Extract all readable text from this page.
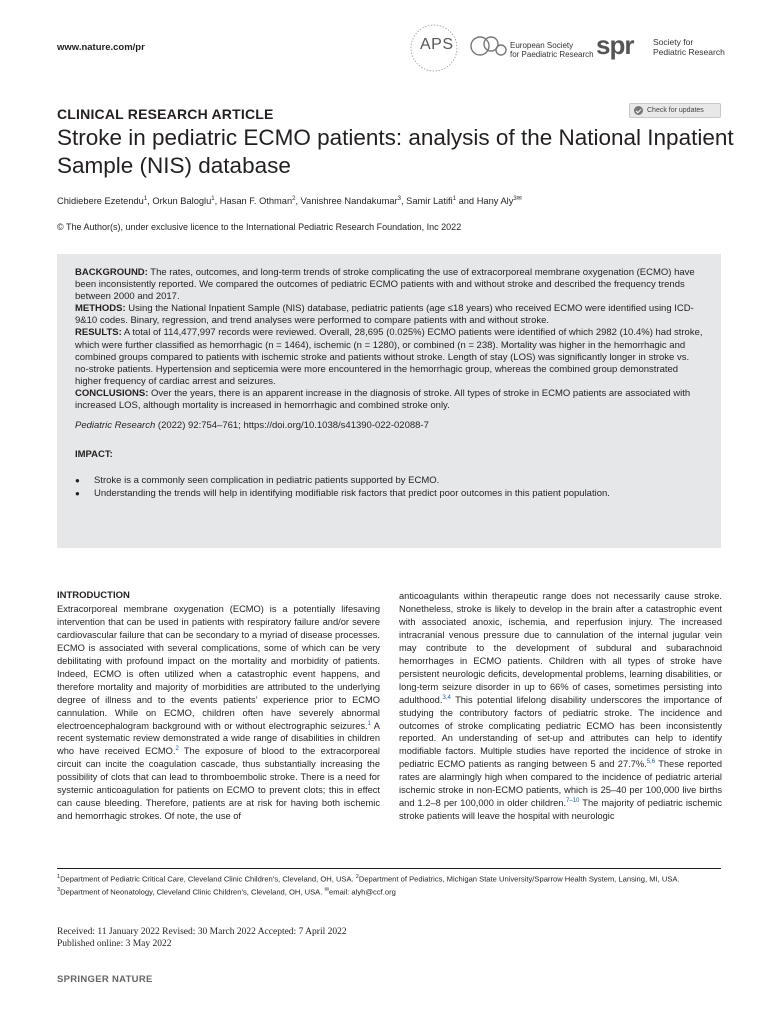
www.nature.com/pr	APS	European Society
for Paediatric Research spr Society for
Pediatric Research
CLINICAL RESEARCH ARTICLE	Check for updates
Stroke in pediatric ECMO patients: analysis of the National Inpatient Sample (NIS) database
Chidiebere Ezetendu$^1$, Orkun Baloglu$^1$, Hasan F. Othman$^2$, Vanishree Nandakumar$^3$, Samir Latifi$^1$ and Hany Aly$^{3✉}$
© The Author(s), under exclusive licence to the International Pediatric Research Foundation, Inc 2022

BACKGROUND: The rates, outcomes, and long-term trends of stroke complicating the use of extracorporeal membrane oxygenation (ECMO) have been inconsistently reported. We compared the outcomes of pediatric ECMO patients with and without stroke and described the frequency trends between 2000 and 2017.

METHODS: Using the National Inpatient Sample (NIS) database, pediatric patients (age ≤18 years) who received ECMO were identified using ICD-9&10 codes. Binary, regression, and trend analyses were performed to compare patients with and without stroke.

RESULTS: A total of 114,477,997 records were reviewed. Overall, 28,695 (0.025%) ECMO patients were identified of which 2982 (10.4%) had stroke, which were further classified as hemorrhagic (n = 1464), ischemic (n = 1280), or combined (n = 238). Mortality was higher in the hemorrhagic and combined groups compared to patients with ischemic stroke and patients without stroke. Length of stay (LOS) was significantly longer in stroke vs. no-stroke patients. Hypertension and septicemia were more encountered in the hemorrhagic group, whereas the combined group demonstrated higher frequency of cardiac arrest and seizures.

CONCLUSIONS: Over the years, there is an apparent increase in the diagnosis of stroke. All types of stroke in ECMO patients are associated with increased LOS, although mortality is increased in hemorrhagic and combined stroke only.

Pediatric Research (2022) 92:754–761; https://doi.org/10.1038/s41390-022-02088-7

IMPACT:

● Stroke is a commonly seen complication in pediatric patients supported by ECMO.
● Understanding the trends will help in identifying modifiable risk factors that predict poor outcomes in this patient population.
INTRODUCTION

Extracorporeal membrane oxygenation (ECMO) is a potentially lifesaving intervention that can be used in patients with respiratory failure and/or severe cardiovascular failure that can be secondary to a myriad of disease processes. ECMO is associated with several complications, some of which can be very debilitating with profound impact on the mortality and morbidity of patients. Indeed, ECMO is often utilized when a catastrophic event happens, and therefore mortality and majority of morbidities are attributed to the underlying degree of illness and to the events patients’ experience prior to ECMO cannulation. While on ECMO, children often have severely abnormal electroencephalogram background with or without electrographic seizures.$^1$ A recent systematic review demonstrated a wide range of disabilities in children who have received ECMO.$^2$ The exposure of blood to the extracorporeal circuit can incite the coagulation cascade, thus substantially increasing the possibility of clots that can lead to thromboembolic stroke. There is a need for systemic anticoagulation for patients on ECMO to prevent clots; this in effect can cause bleeding. Therefore, patients are at risk for having both ischemic and hemorrhagic strokes. Of note, the use of

anticoagulants within therapeutic range does not necessarily cause stroke. Nonetheless, stroke is likely to develop in the brain after a catastrophic event with associated anoxic, ischemia, and reperfusion injury. The increased intracranial venous pressure due to cannulation of the internal jugular vein may contribute to the development of subdural and subarachnoid hemorrhages in ECMO patients. Children with all types of stroke have persistent neurologic deficits, developmental problems, learning disabilities, or long-term seizure disorder in up to 66% of cases, sometimes persisting into adulthood.$^{3,4}$ This potential lifelong disability underscores the importance of studying the contributory factors of pediatric stroke. The incidence and outcomes of stroke complicating pediatric ECMO has been inconsistently reported. An understanding of set-up and attributes can help to identify modifiable factors. Multiple studies have reported the incidence of stroke in pediatric ECMO patients as ranging between 5 and 27.7%.$^{5,6}$ These reported rates are alarmingly high when compared to the incidence of pediatric arterial ischemic stroke in non-ECMO patients, which is 25–40 per 100,000 live births and 1.2–8 per 100,000 in older children.$^{7-10}$ The majority of pediatric ischemic stroke patients will leave the hospital with neurologic

$^1$Department of Pediatric Critical Care, Cleveland Clinic Children’s, Cleveland, OH, USA. $^2$Department of Pediatrics, Michigan State University/Sparrow Health System, Lansing, MI, USA. $^3$Department of Neonatology, Cleveland Clinic Children’s, Cleveland, OH, USA. ✉email: alyh@ccf.org
Received: 11 January 2022 Revised: 30 March 2022 Accepted: 7 April 2022
Published online: 3 May 2022
SPRINGER NATURE
